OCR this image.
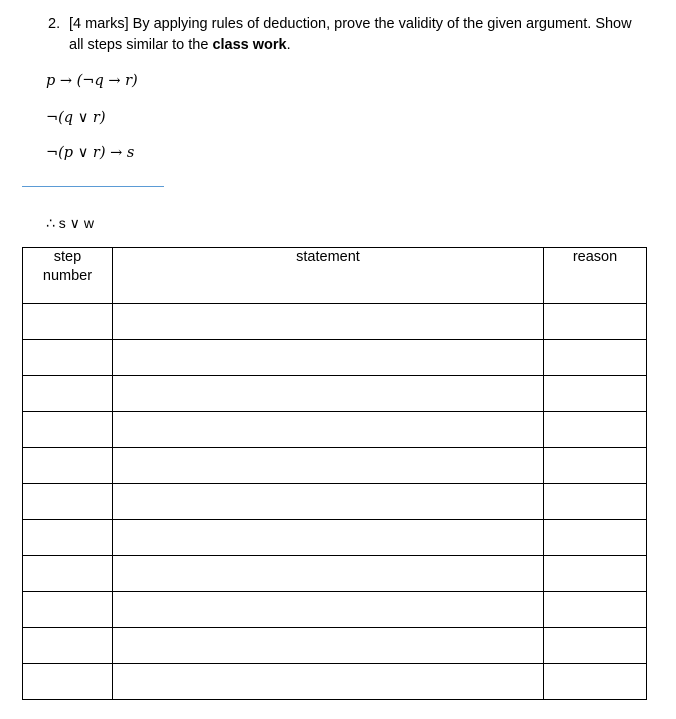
2. [4 marks] By applying rules of deduction, prove the validity of the given argument. Show
all steps similar to the class work.
p → (¬q → r)
¬(q ∨ r)
¬(p ∨ r) → s
∴ s ∨ w
step
number	statement	reason
